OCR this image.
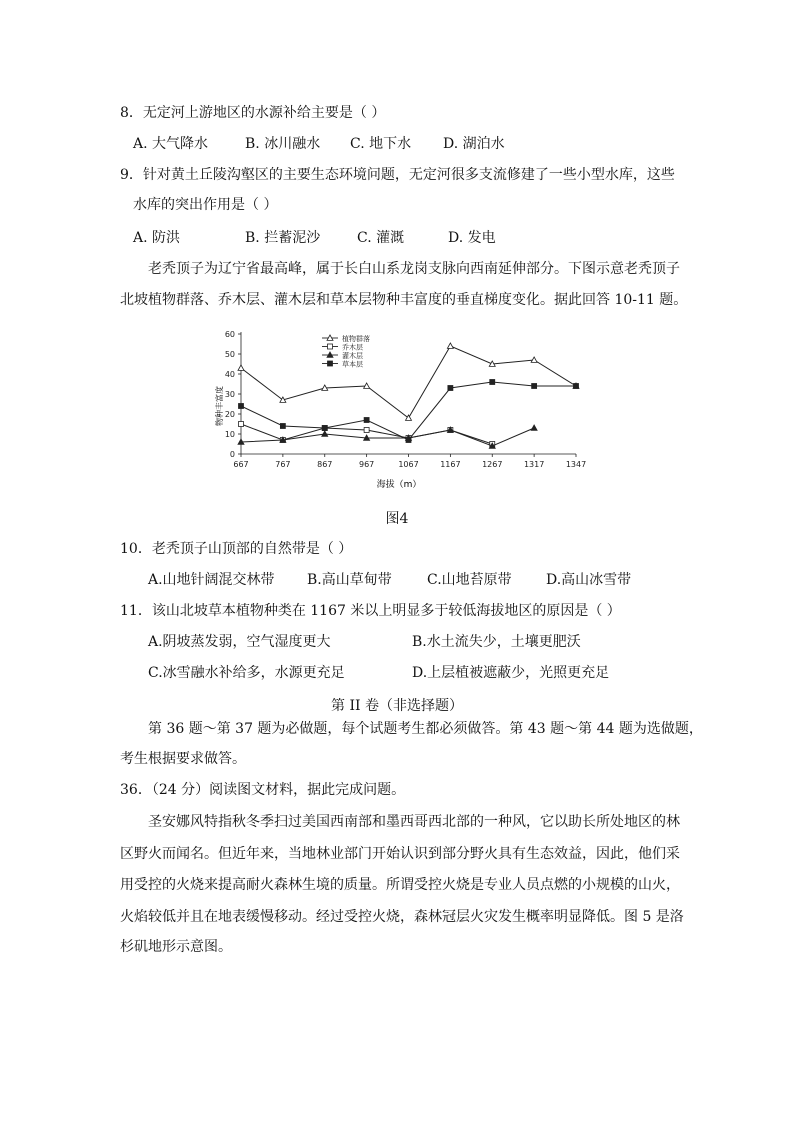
8．无定河上游地区的水源补给主要是（ ）
A. 大气降水	B. 冰川融水 C. 地下水 D. 湖泊水
9．针对黄土丘陵沟壑区的主要生态环境问题，无定河很多支流修建了一些小型水库，这些
水库的突出作用是（ ）
A. 防洪	B. 拦蓄泥沙	C. 灌溉	D. 发电
老秃顶子为辽宁省最高峰，属于长白山系龙岗支脉向西南延伸部分。下图示意老秃顶子
北坡植物群落、乔木层、灌木层和草本层物种丰富度的垂直梯度变化。据此回答 10-11 题。
0
10
20
30
40
50
60
667	767	867	967	1067	1167	1267	1317	1347
植物群落
乔木层
灌木层
草本层
物种丰富度
海拔（m）
图4
10．老秃顶子山顶部的自然带是（ ）
A.山地针阔混交林带 B.高山草甸带	C.山地苔原带 D.高山冰雪带
11．该山北坡草本植物种类在 1167 米以上明显多于较低海拔地区的原因是（ ）
A.阴坡蒸发弱，空气湿度更大	B.水土流失少，土壤更肥沃
C.冰雪融水补给多，水源更充足	D.上层植被遮蔽少，光照更充足
第 II 卷（非选择题）
第 36 题～第 37 题为必做题，每个试题考生都必须做答。第 43 题～第 44 题为选做题，
考生根据要求做答。
36．（24 分）阅读图文材料，据此完成问题。
圣安娜风特指秋冬季扫过美国西南部和墨西哥西北部的一种风，它以助长所处地区的林
区野火而闻名。但近年来，当地林业部门开始认识到部分野火具有生态效益，因此，他们采
用受控的火烧来提高耐火森林生境的质量。所谓受控火烧是专业人员点燃的小规模的山火，
火焰较低并且在地表缓慢移动。经过受控火烧，森林冠层火灾发生概率明显降低。图 5 是洛
杉矶地形示意图。
